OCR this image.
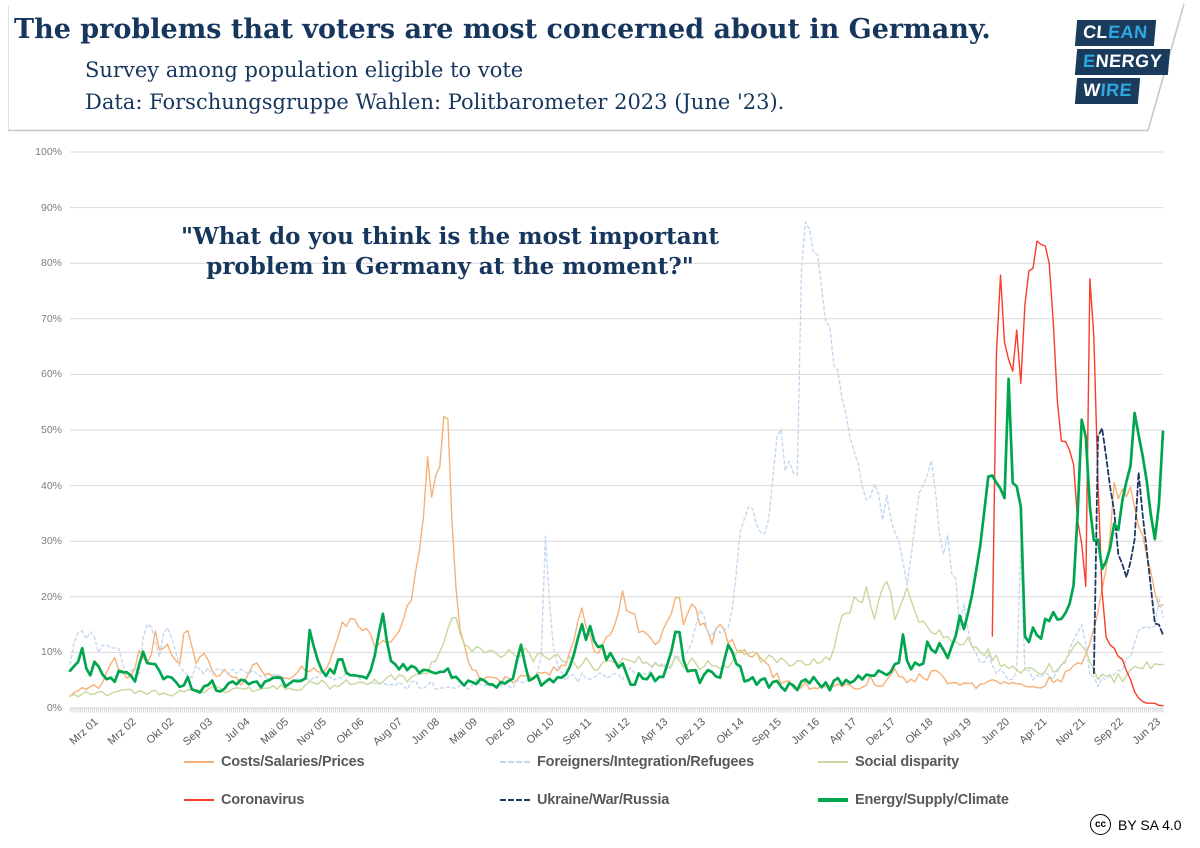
The problems that voters are most concerned about in Germany.
Survey among population eligible to vote
Data: Forschungsgruppe Wahlen: Politbarometer 2023 (June '23).
CLEAN
ENERGY
WIRE
"What do you think is the most important
problem in Germany at the moment?"
0%
10%
20%
30%
40%
50%
60%
70%
80%
90%
100%
Mrz 01 Mrz 02 Okt 02 Sep 03 Jul 04 Mai 05 Nov 05 Okt 06 Aug 07 Jun 08 Mai 09 Dez 09 Okt 10 Sep 11 Jul 12 Apr 13 Dez 13 Okt 14 Sep 15 Jun 16 Apr 17 Dez 17 Okt 18 Aug 19 Jun 20 Apr 21 Nov 21 Sep 22 Jun 23
Costs/Salaries/Prices	Foreigners/Integration/Refugees	Social disparity
Coronavirus	Ukraine/War/Russia	Energy/Supply/Climate
cc BY SA 4.0
